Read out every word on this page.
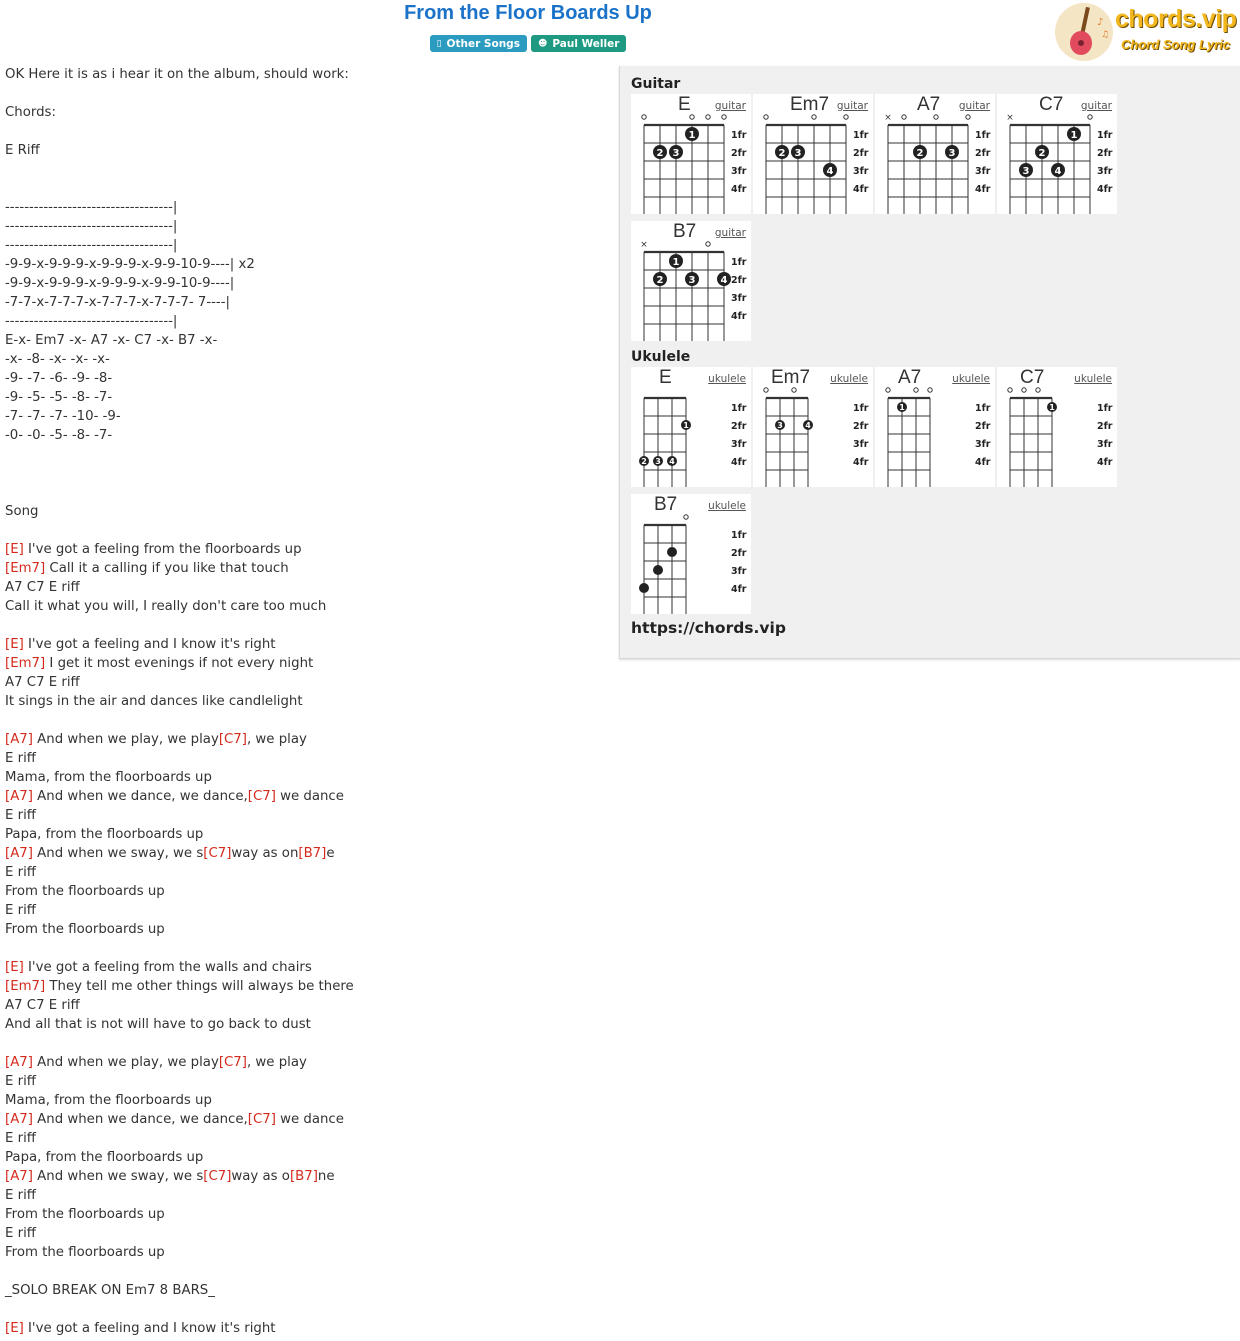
From the Floor Boards Up
▯ Other Songs ☻ Paul Weller
♪
♫
chords.vip
Chord Song Lyric
OK Here it is as i hear it on the album, should work:
Chords:
E Riff
-----------------------------------|
-----------------------------------|
-----------------------------------|
-9-9-x-9-9-9-x-9-9-9-x-9-9-10-9----| x2
-9-9-x-9-9-9-x-9-9-9-x-9-9-10-9----|
-7-7-x-7-7-7-x-7-7-7-x-7-7-7- 7----|
-----------------------------------|
E-x- Em7 -x- A7 -x- C7 -x- B7 -x-
-x- -8- -x- -x- -x-
-9- -7- -6- -9- -8-
-9- -5- -5- -8- -7-
-7- -7- -7- -10- -9-
-0- -0- -5- -8- -7-
Song
[E] I've got a feeling from the floorboards up
[Em7] Call it a calling if you like that touch
A7 C7 E riff
Call it what you will, I really don't care too much
[E] I've got a feeling and I know it's right
[Em7] I get it most evenings if not every night
A7 C7 E riff
It sings in the air and dances like candlelight
[A7] And when we play, we play[C7], we play
E riff
Mama, from the floorboards up
[A7] And when we dance, we dance,[C7] we dance
E riff
Papa, from the floorboards up
[A7] And when we sway, we s[C7]way as on[B7]e
E riff
From the floorboards up
E riff
From the floorboards up
[E] I've got a feeling from the walls and chairs
[Em7] They tell me other things will always be there
A7 C7 E riff
And all that is not will have to go back to dust
[A7] And when we play, we play[C7], we play
E riff
Mama, from the floorboards up
[A7] And when we dance, we dance,[C7] we dance
E riff
Papa, from the floorboards up
[A7] And when we sway, we s[C7]way as o[B7]ne
E riff
From the floorboards up
E riff
From the floorboards up
_SOLO BREAK ON Em7 8 BARS_
[E] I've got a feeling and I know it's right
Guitar
1
2 3
1fr
2fr
3fr
4fr
E guitar
2 3
4
1fr
2fr
3fr
4fr
Em7 guitar
×
2	3
1fr
2fr
3fr
4fr
A7 guitar
×
1
2
3	4
1fr
2fr
3fr
4fr
C7 guitar
×
1
2	3	4
1fr
2fr
3fr
4fr
B7 guitar
Ukulele
1
2 3 4
1fr
2fr
3fr
4fr
E	ukulele
3	4
1fr
2fr
3fr
4fr
Em7 ukulele
1	1fr
2fr
3fr
4fr
A7	ukulele
1	1fr
2fr
3fr
4fr
C7	ukulele
1fr
2fr
3fr
4fr
B7	ukulele
https://chords.vip
